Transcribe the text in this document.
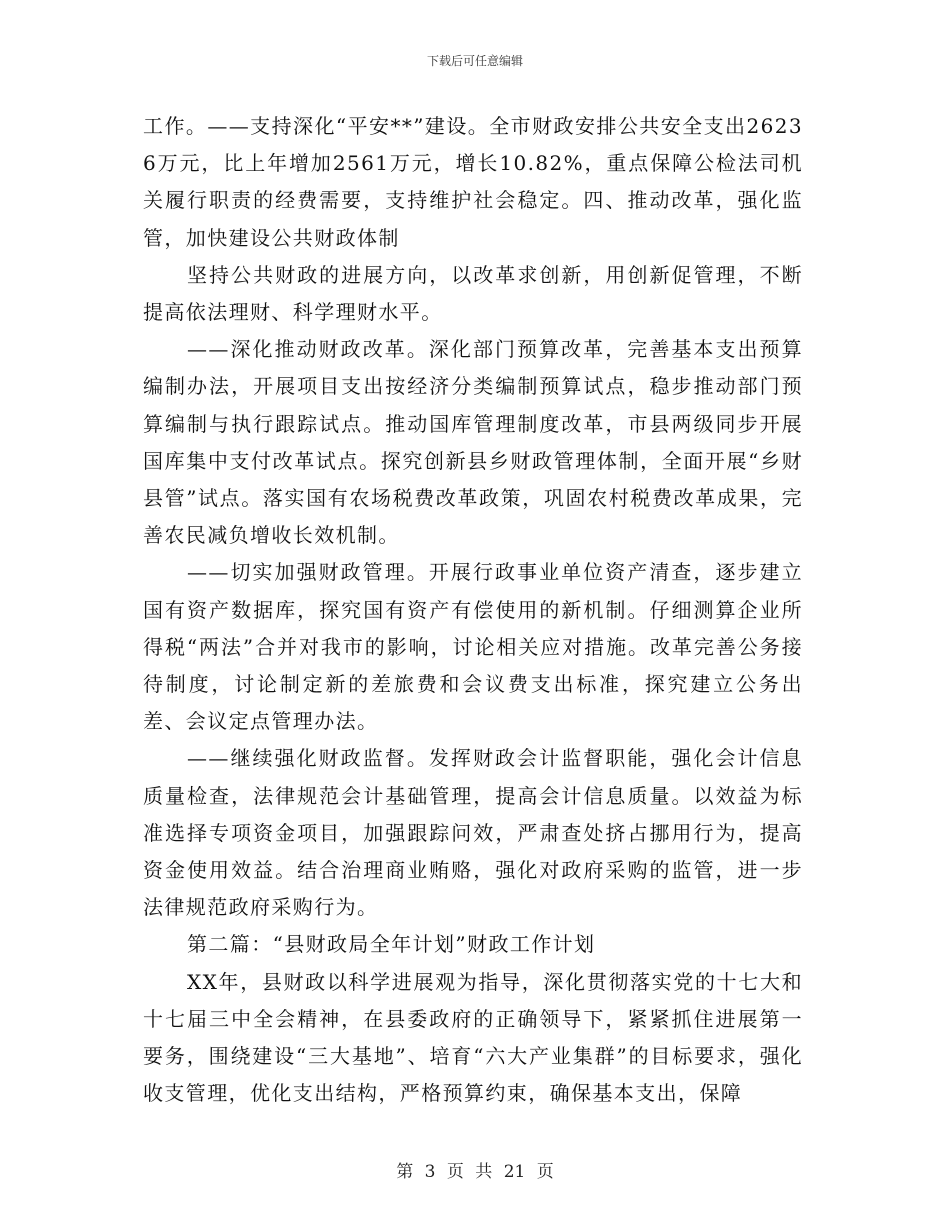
下载后可任意编辑

工作。——支持深化“平安**”建设。全市财政安排公共安全支出26236万元，比上年增加2561万元，增长10.82%，重点保障公检法司机关履行职责的经费需要，支持维护社会稳定。四、推动改革，强化监管，加快建设公共财政体制

坚持公共财政的进展方向，以改革求创新，用创新促管理，不断提高依法理财、科学理财水平。

——深化推动财政改革。深化部门预算改革，完善基本支出预算编制办法，开展项目支出按经济分类编制预算试点，稳步推动部门预算编制与执行跟踪试点。推动国库管理制度改革，市县两级同步开展国库集中支付改革试点。探究创新县乡财政管理体制，全面开展“乡财县管”试点。落实国有农场税费改革政策，巩固农村税费改革成果，完善农民减负增收长效机制。

——切实加强财政管理。开展行政事业单位资产清查，逐步建立国有资产数据库，探究国有资产有偿使用的新机制。仔细测算企业所得税“两法”合并对我市的影响，讨论相关应对措施。改革完善公务接待制度，讨论制定新的差旅费和会议费支出标准，探究建立公务出差、会议定点管理办法。

——继续强化财政监督。发挥财政会计监督职能，强化会计信息质量检查，法律规范会计基础管理，提高会计信息质量。以效益为标准选择专项资金项目，加强跟踪问效，严肃查处挤占挪用行为，提高资金使用效益。结合治理商业贿赂，强化对政府采购的监管，进一步法律规范政府采购行为。

第二篇：“县财政局全年计划”财政工作计划

XX年，县财政以科学进展观为指导，深化贯彻落实党的十七大和十七届三中全会精神，在县委政府的正确领导下，紧紧抓住进展第一要务，围绕建设“三大基地”、培育“六大产业集群”的目标要求，强化收支管理，优化支出结构，严格预算约束，确保基本支出，保障

第 3 页 共 21 页
